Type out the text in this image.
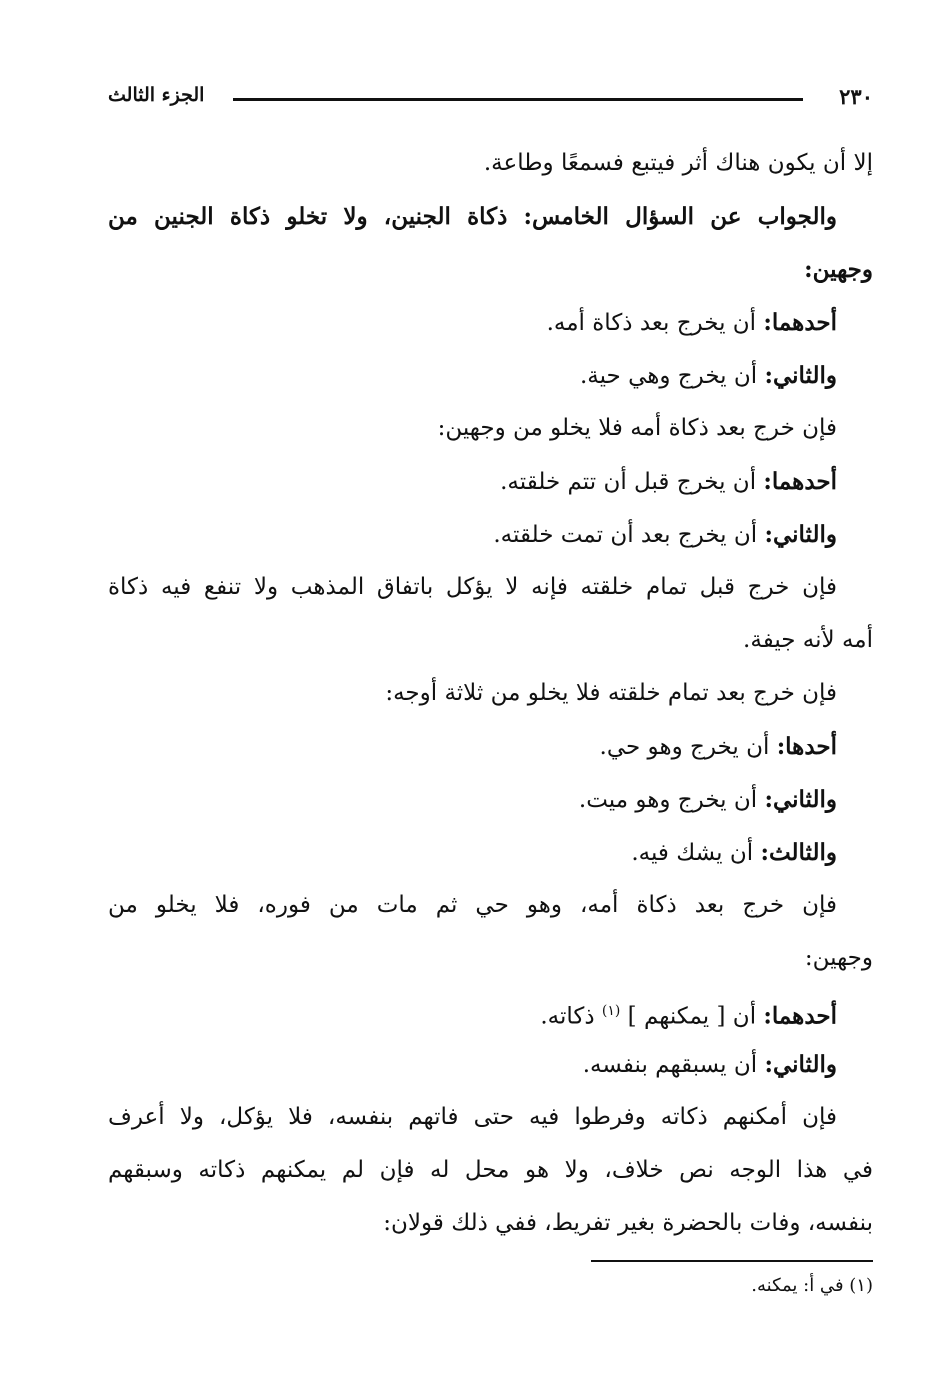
٢٣٠
الجزء الثالث
إلا أن يكون هناك أثر فيتبع فسمعًا وطاعة.
والجواب عن السؤال الخامس: ذكاة الجنين، ولا تخلو ذكاة الجنين من
وجهين:
أحدهما: أن يخرج بعد ذكاة أمه.
والثاني: أن يخرج وهي حية.
فإن خرج بعد ذكاة أمه فلا يخلو من وجهين:
أحدهما: أن يخرج قبل أن تتم خلقته.
والثاني: أن يخرج بعد أن تمت خلقته.
فإن خرج قبل تمام خلقته فإنه لا يؤكل باتفاق المذهب ولا تنفع فيه ذكاة
أمه لأنه جيفة.
فإن خرج بعد تمام خلقته فلا يخلو من ثلاثة أوجه:
أحدها: أن يخرج وهو حي.
والثاني: أن يخرج وهو ميت.
والثالث: أن يشك فيه.
فإن خرج بعد ذكاة أمه، وهو حي ثم مات من فوره، فلا يخلو من
وجهين:
أحدهما: أن [ يمكنهم ] $^{(١)}$ ذكاته.
والثاني: أن يسبقهم بنفسه.
فإن أمكنهم ذكاته وفرطوا فيه حتى فاتهم بنفسه، فلا يؤكل، ولا أعرف
في هذا الوجه نص خلاف، ولا هو محل له فإن لم يمكنهم ذكاته وسبقهم
بنفسه، وفات بالحضرة بغير تفريط، ففي ذلك قولان:
(١) في أ: يمكنه.
